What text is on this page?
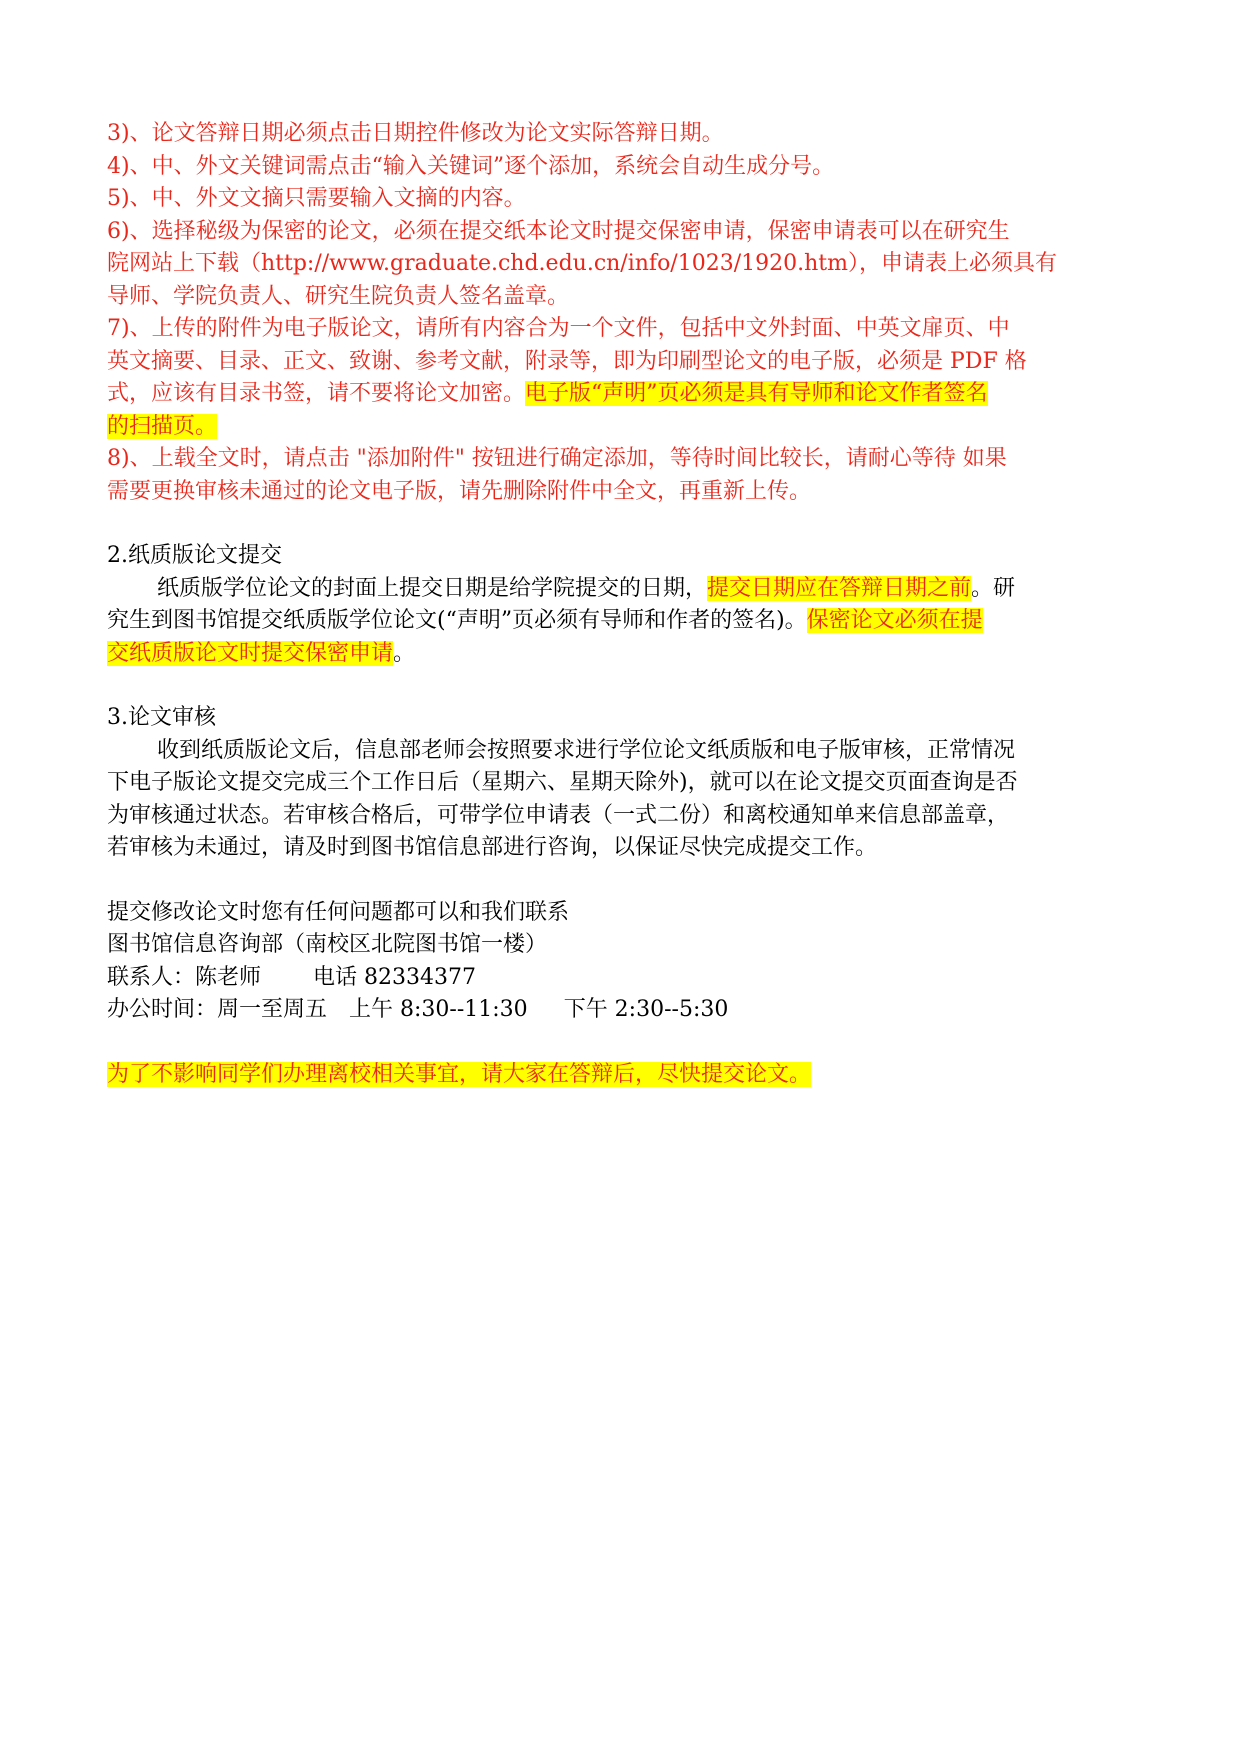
3)、论文答辩日期必须点击日期控件修改为论文实际答辩日期。
4)、中、外文关键词需点击“输入关键词”逐个添加，系统会自动生成分号。
5)、中、外文文摘只需要输入文摘的内容。
6)、选择秘级为保密的论文，必须在提交纸本论文时提交保密申请，保密申请表可以在研究生
院网站上下载（http://www.graduate.chd.edu.cn/info/1023/1920.htm），申请表上必须具有
导师、学院负责人、研究生院负责人签名盖章。
7)、上传的附件为电子版论文，请所有内容合为一个文件，包括中文外封面、中英文扉页、中
英文摘要、目录、正文、致谢、参考文献，附录等，即为印刷型论文的电子版，必须是 PDF 格
式，应该有目录书签，请不要将论文加密。电子版“声明”页必须是具有导师和论文作者签名
的扫描页。
8)、上载全文时，请点击 "添加附件" 按钮进行确定添加，等待时间比较长，请耐心等待 如果
需要更换审核未通过的论文电子版，请先删除附件中全文，再重新上传。
2.纸质版论文提交
纸质版学位论文的封面上提交日期是给学院提交的日期，提交日期应在答辩日期之前。研
究生到图书馆提交纸质版学位论文(“声明”页必须有导师和作者的签名)。保密论文必须在提
交纸质版论文时提交保密申请。
3.论文审核
收到纸质版论文后，信息部老师会按照要求进行学位论文纸质版和电子版审核，正常情况
下电子版论文提交完成三个工作日后（星期六、星期天除外)，就可以在论文提交页面查询是否
为审核通过状态。若审核合格后，可带学位申请表（一式二份）和离校通知单来信息部盖章，
若审核为未通过，请及时到图书馆信息部进行咨询，以保证尽快完成提交工作。
提交修改论文时您有任何问题都可以和我们联系
图书馆信息咨询部（南校区北院图书馆一楼）
联系人：陈老师 电话 82334377
办公时间：周一至周五 上午 8:30--11:30 下午 2:30--5:30
为了不影响同学们办理离校相关事宜，请大家在答辩后，尽快提交论文。
